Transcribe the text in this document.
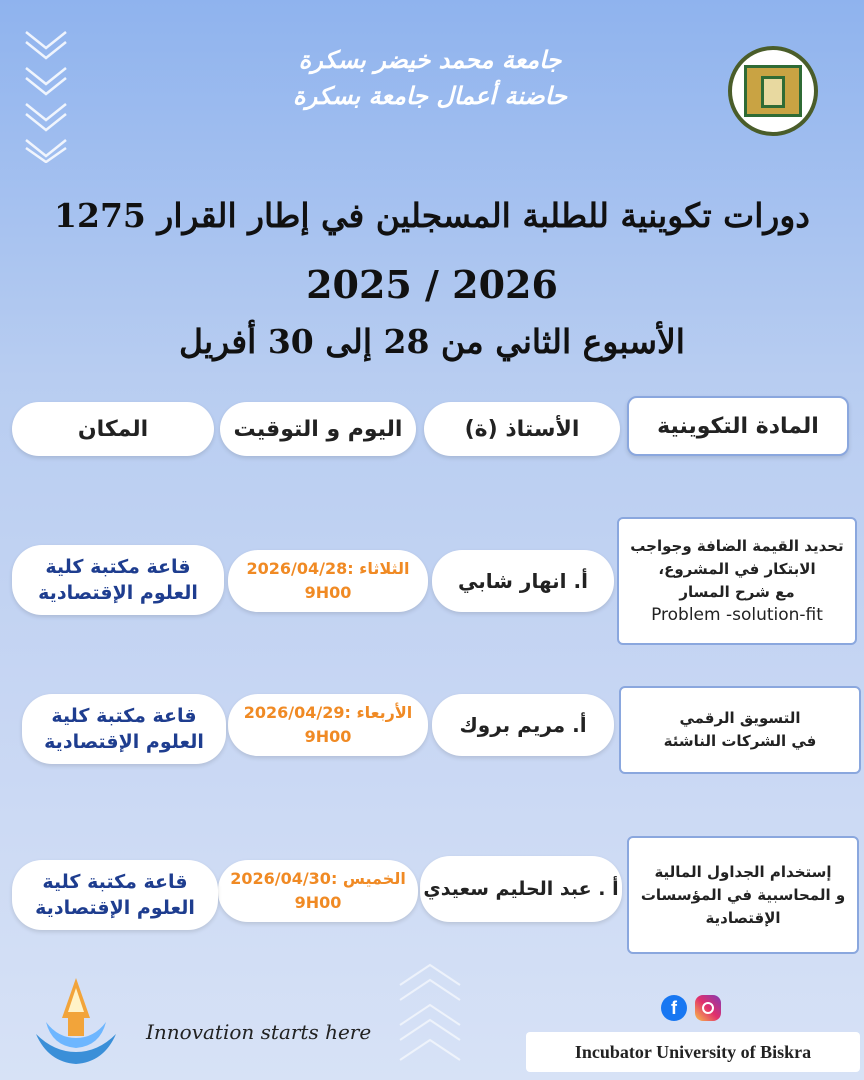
جامعة محمد خيضر بسكرة
حاضنة أعمال جامعة بسكرة
دورات تكوينية للطلبة المسجلين في إطار القرار 1275
2025 / 2026
الأسبوع الثاني من 28 إلى 30 أفريل
المادة التكوينية
الأستاذ (ة)
اليوم و التوقيت
المكان
تحديد القيمة الضافة وجواجب
الابتكار في المشروع،
مع شرح المسار
Problem -solution-fit
أ. انهار شابي
الثلاثاء :2026/04/28
9H00
قاعة مكتبة كلية
العلوم الإقتصادية
التسويق الرقمي
في الشركات الناشئة
أ. مريم بروك
الأربعاء :2026/04/29
9H00
قاعة مكتبة كلية
العلوم الإقتصادية
إستخدام الجداول المالية
و المحاسبية في المؤسسات
الإقتصادية
أ . عبد الحليم سعيدي
الخميس :2026/04/30
9H00
قاعة مكتبة كلية
العلوم الإقتصادية
Innovation starts here
f
Incubator University of Biskra
